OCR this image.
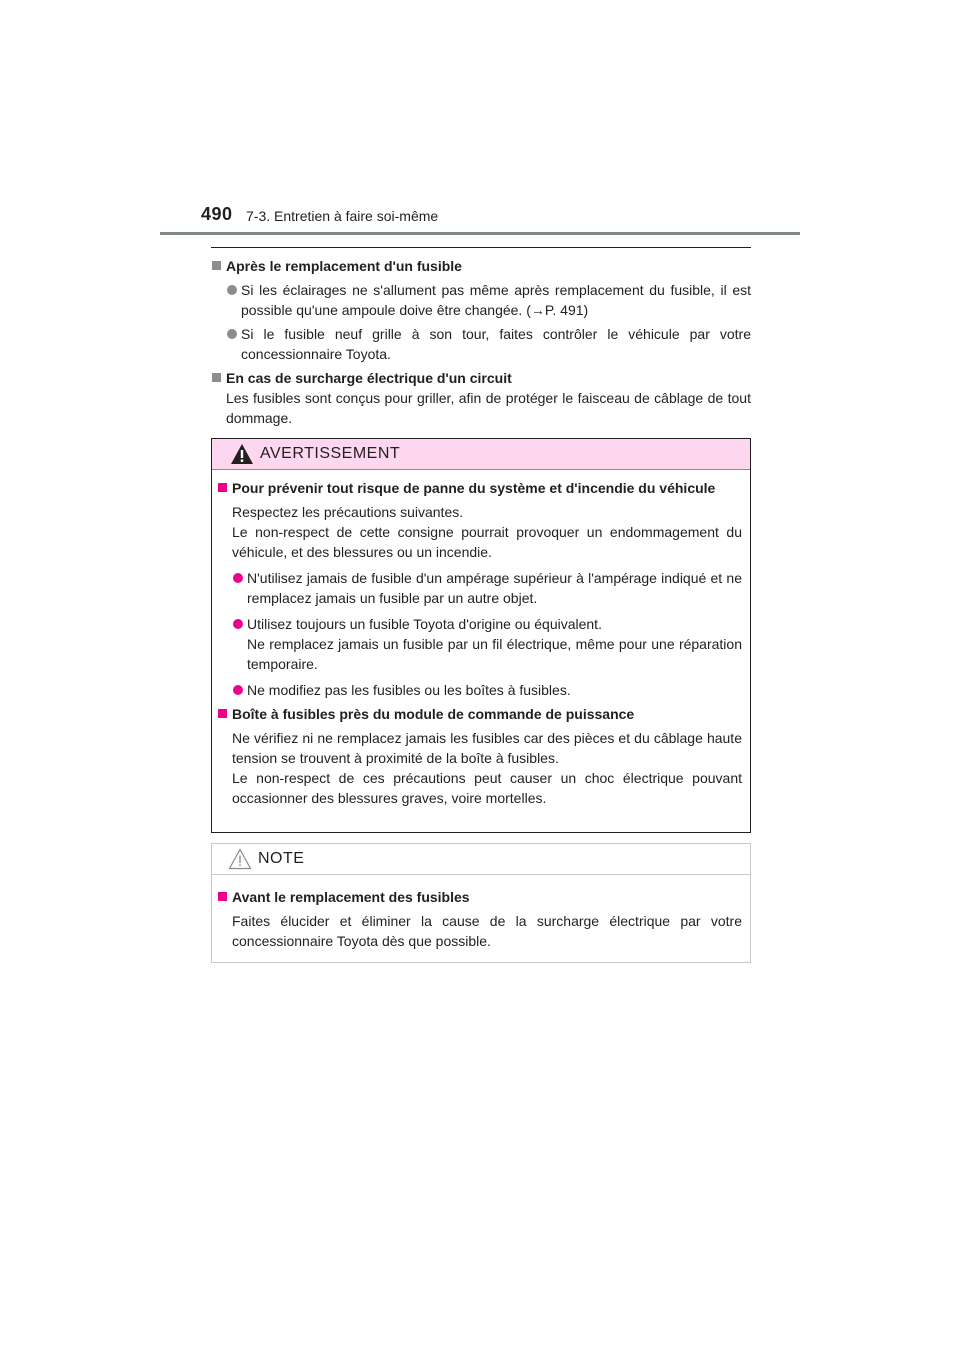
490 7-3. Entretien à faire soi-même
Après le remplacement d'un fusible
Si les éclairages ne s'allument pas même après remplacement du fusible, il est possible qu'une ampoule doive être changée. (→P. 491)
Si le fusible neuf grille à son tour, faites contrôler le véhicule par votre concessionnaire Toyota.
En cas de surcharge électrique d'un circuit
Les fusibles sont conçus pour griller, afin de protéger le faisceau de câblage de tout dommage.
AVERTISSEMENT
Pour prévenir tout risque de panne du système et d'incendie du véhicule
Respectez les précautions suivantes.
Le non-respect de cette consigne pourrait provoquer un endommagement du véhicule, et des blessures ou un incendie.
N'utilisez jamais de fusible d'un ampérage supérieur à l'ampérage indiqué et ne remplacez jamais un fusible par un autre objet.
Utilisez toujours un fusible Toyota d'origine ou équivalent.
Ne remplacez jamais un fusible par un fil électrique, même pour une réparation temporaire.
Ne modifiez pas les fusibles ou les boîtes à fusibles.
Boîte à fusibles près du module de commande de puissance
Ne vérifiez ni ne remplacez jamais les fusibles car des pièces et du câblage haute tension se trouvent à proximité de la boîte à fusibles.
Le non-respect de ces précautions peut causer un choc électrique pouvant occasionner des blessures graves, voire mortelles.
NOTE
Avant le remplacement des fusibles
Faites élucider et éliminer la cause de la surcharge électrique par votre concessionnaire Toyota dès que possible.
